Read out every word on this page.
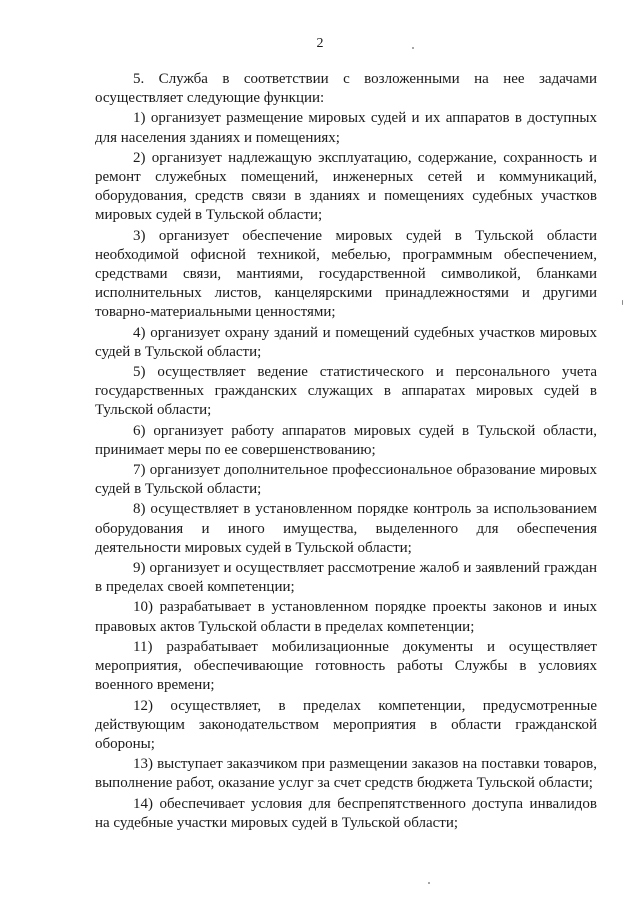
2

5. Служба в соответствии с возложенными на нее задачами осуществляет следующие функции:

1) организует размещение мировых судей и их аппаратов в доступных для населения зданиях и помещениях;

2) организует надлежащую эксплуатацию, содержание, сохранность и ремонт служебных помещений, инженерных сетей и коммуникаций, оборудования, средств связи в зданиях и помещениях судебных участков мировых судей в Тульской области;

3) организует обеспечение мировых судей в Тульской области необходимой офисной техникой, мебелью, программным обеспечением, средствами связи, мантиями, государственной символикой, бланками исполнительных листов, канцелярскими принадлежностями и другими товарно-материальными ценностями;

4) организует охрану зданий и помещений судебных участков мировых судей в Тульской области;

5) осуществляет ведение статистического и персонального учета государственных гражданских служащих в аппаратах мировых судей в Тульской области;

6) организует работу аппаратов мировых судей в Тульской области, принимает меры по ее совершенствованию;

7) организует дополнительное профессиональное образование мировых судей в Тульской области;

8) осуществляет в установленном порядке контроль за использованием оборудования и иного имущества, выделенного для обеспечения деятельности мировых судей в Тульской области;

9) организует и осуществляет рассмотрение жалоб и заявлений граждан в пределах своей компетенции;

10) разрабатывает в установленном порядке проекты законов и иных правовых актов Тульской области в пределах компетенции;

11) разрабатывает мобилизационные документы и осуществляет мероприятия, обеспечивающие готовность работы Службы в условиях военного времени;

12) осуществляет, в пределах компетенции, предусмотренные действующим законодательством мероприятия в области гражданской обороны;

13) выступает заказчиком при размещении заказов на поставки товаров, выполнение работ, оказание услуг за счет средств бюджета Тульской области;

14) обеспечивает условия для беспрепятственного доступа инвалидов на судебные участки мировых судей в Тульской области;
